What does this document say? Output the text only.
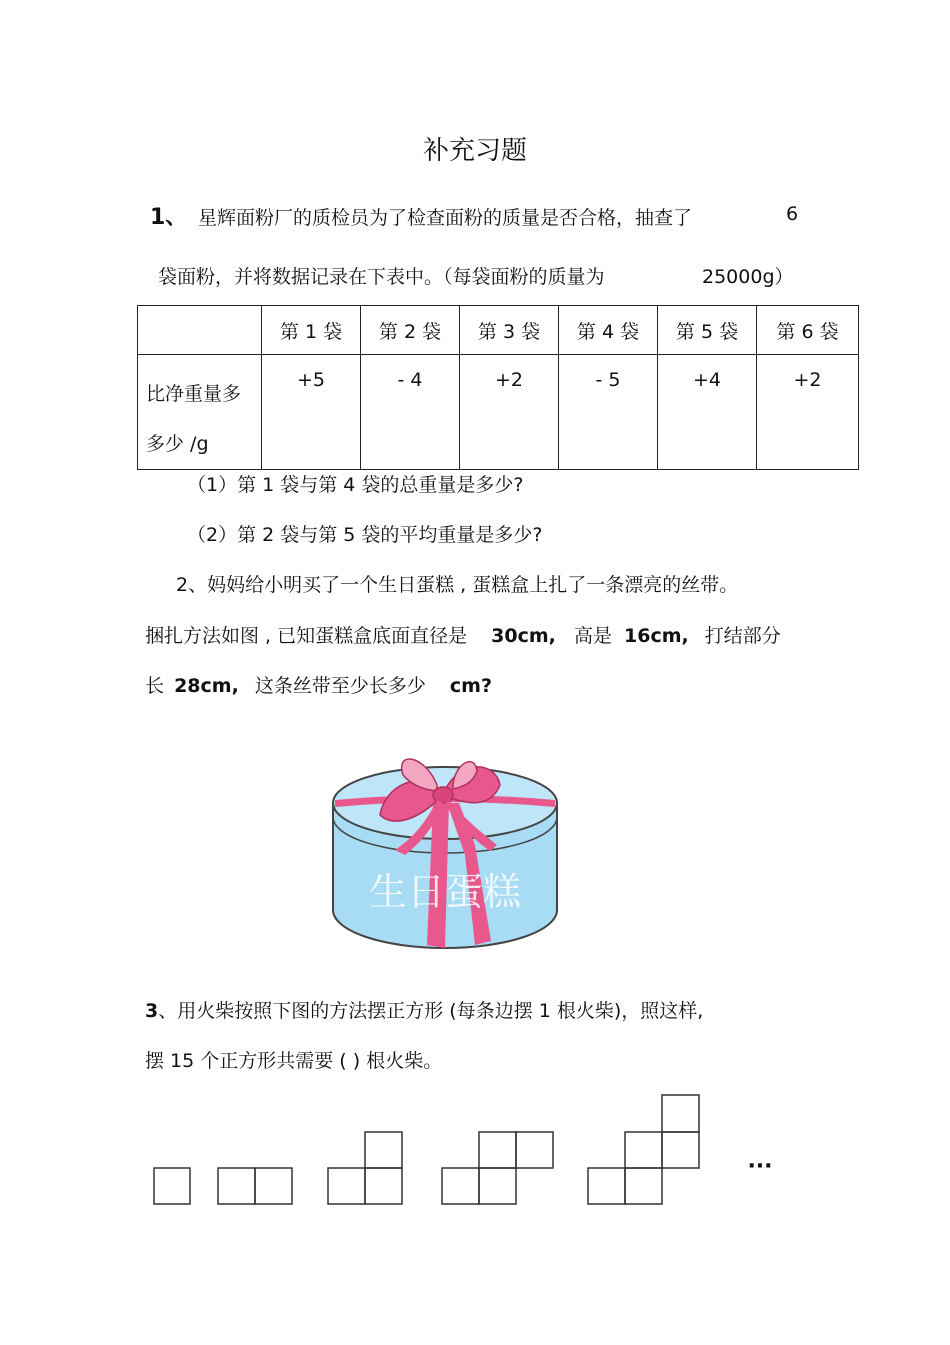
补充习题
1、 星辉面粉厂的质检员为了检查面粉的质量是否合格，抽查了	6
袋面粉，并将数据记录在下表中。（每袋面粉的质量为	25000g）
	第 1 袋	第 2 袋	第 3 袋	第 4 袋	第 5 袋	第 6 袋

比净重量多
多少 /g	+5	- 4	+2	- 5	+4	+2
（1）第 1 袋与第 4 袋的总重量是多少?
（2）第 2 袋与第 5 袋的平均重量是多少?
2、妈妈给小明买了一个生日蛋糕 , 蛋糕盒上扎了一条漂亮的丝带。
捆扎方法如图 , 已知蛋糕盒底面直径是 30cm, 高是 16cm, 打结部分
长 28cm, 这条丝带至少长多少 cm?
生日蛋糕
3、用火柴按照下图的方法摆正方形 (每条边摆 1 根火柴)，照这样,
摆 15 个正方形共需要 ( ) 根火柴。
···
